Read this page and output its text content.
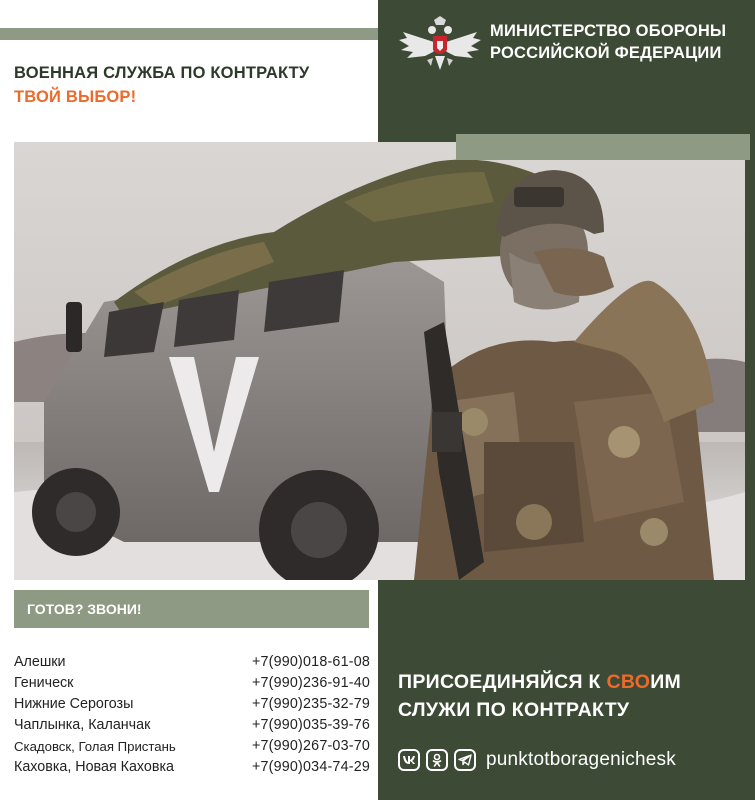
МИНИСТЕРСТВО ОБОРОНЫ
РОССИЙСКОЙ ФЕДЕРАЦИИ
ВОЕННАЯ СЛУЖБА ПО КОНТРАКТУ
ТВОЙ ВЫБОР!
ГОТОВ? ЗВОНИ!
Алешки	+7(990)018-61-08
Геническ	+7(990)236-91-40
Нижние Серогозы	+7(990)235-32-79
Чаплынка, Каланчак	+7(990)035-39-76
Скадовск, Голая Пристань	+7(990)267-03-70
Каховка, Новая Каховка	+7(990)034-74-29
ПРИСОЕДИНЯЙСЯ К СВОИМ
СЛУЖИ ПО КОНТРАКТУ
punktotboragenichesk
